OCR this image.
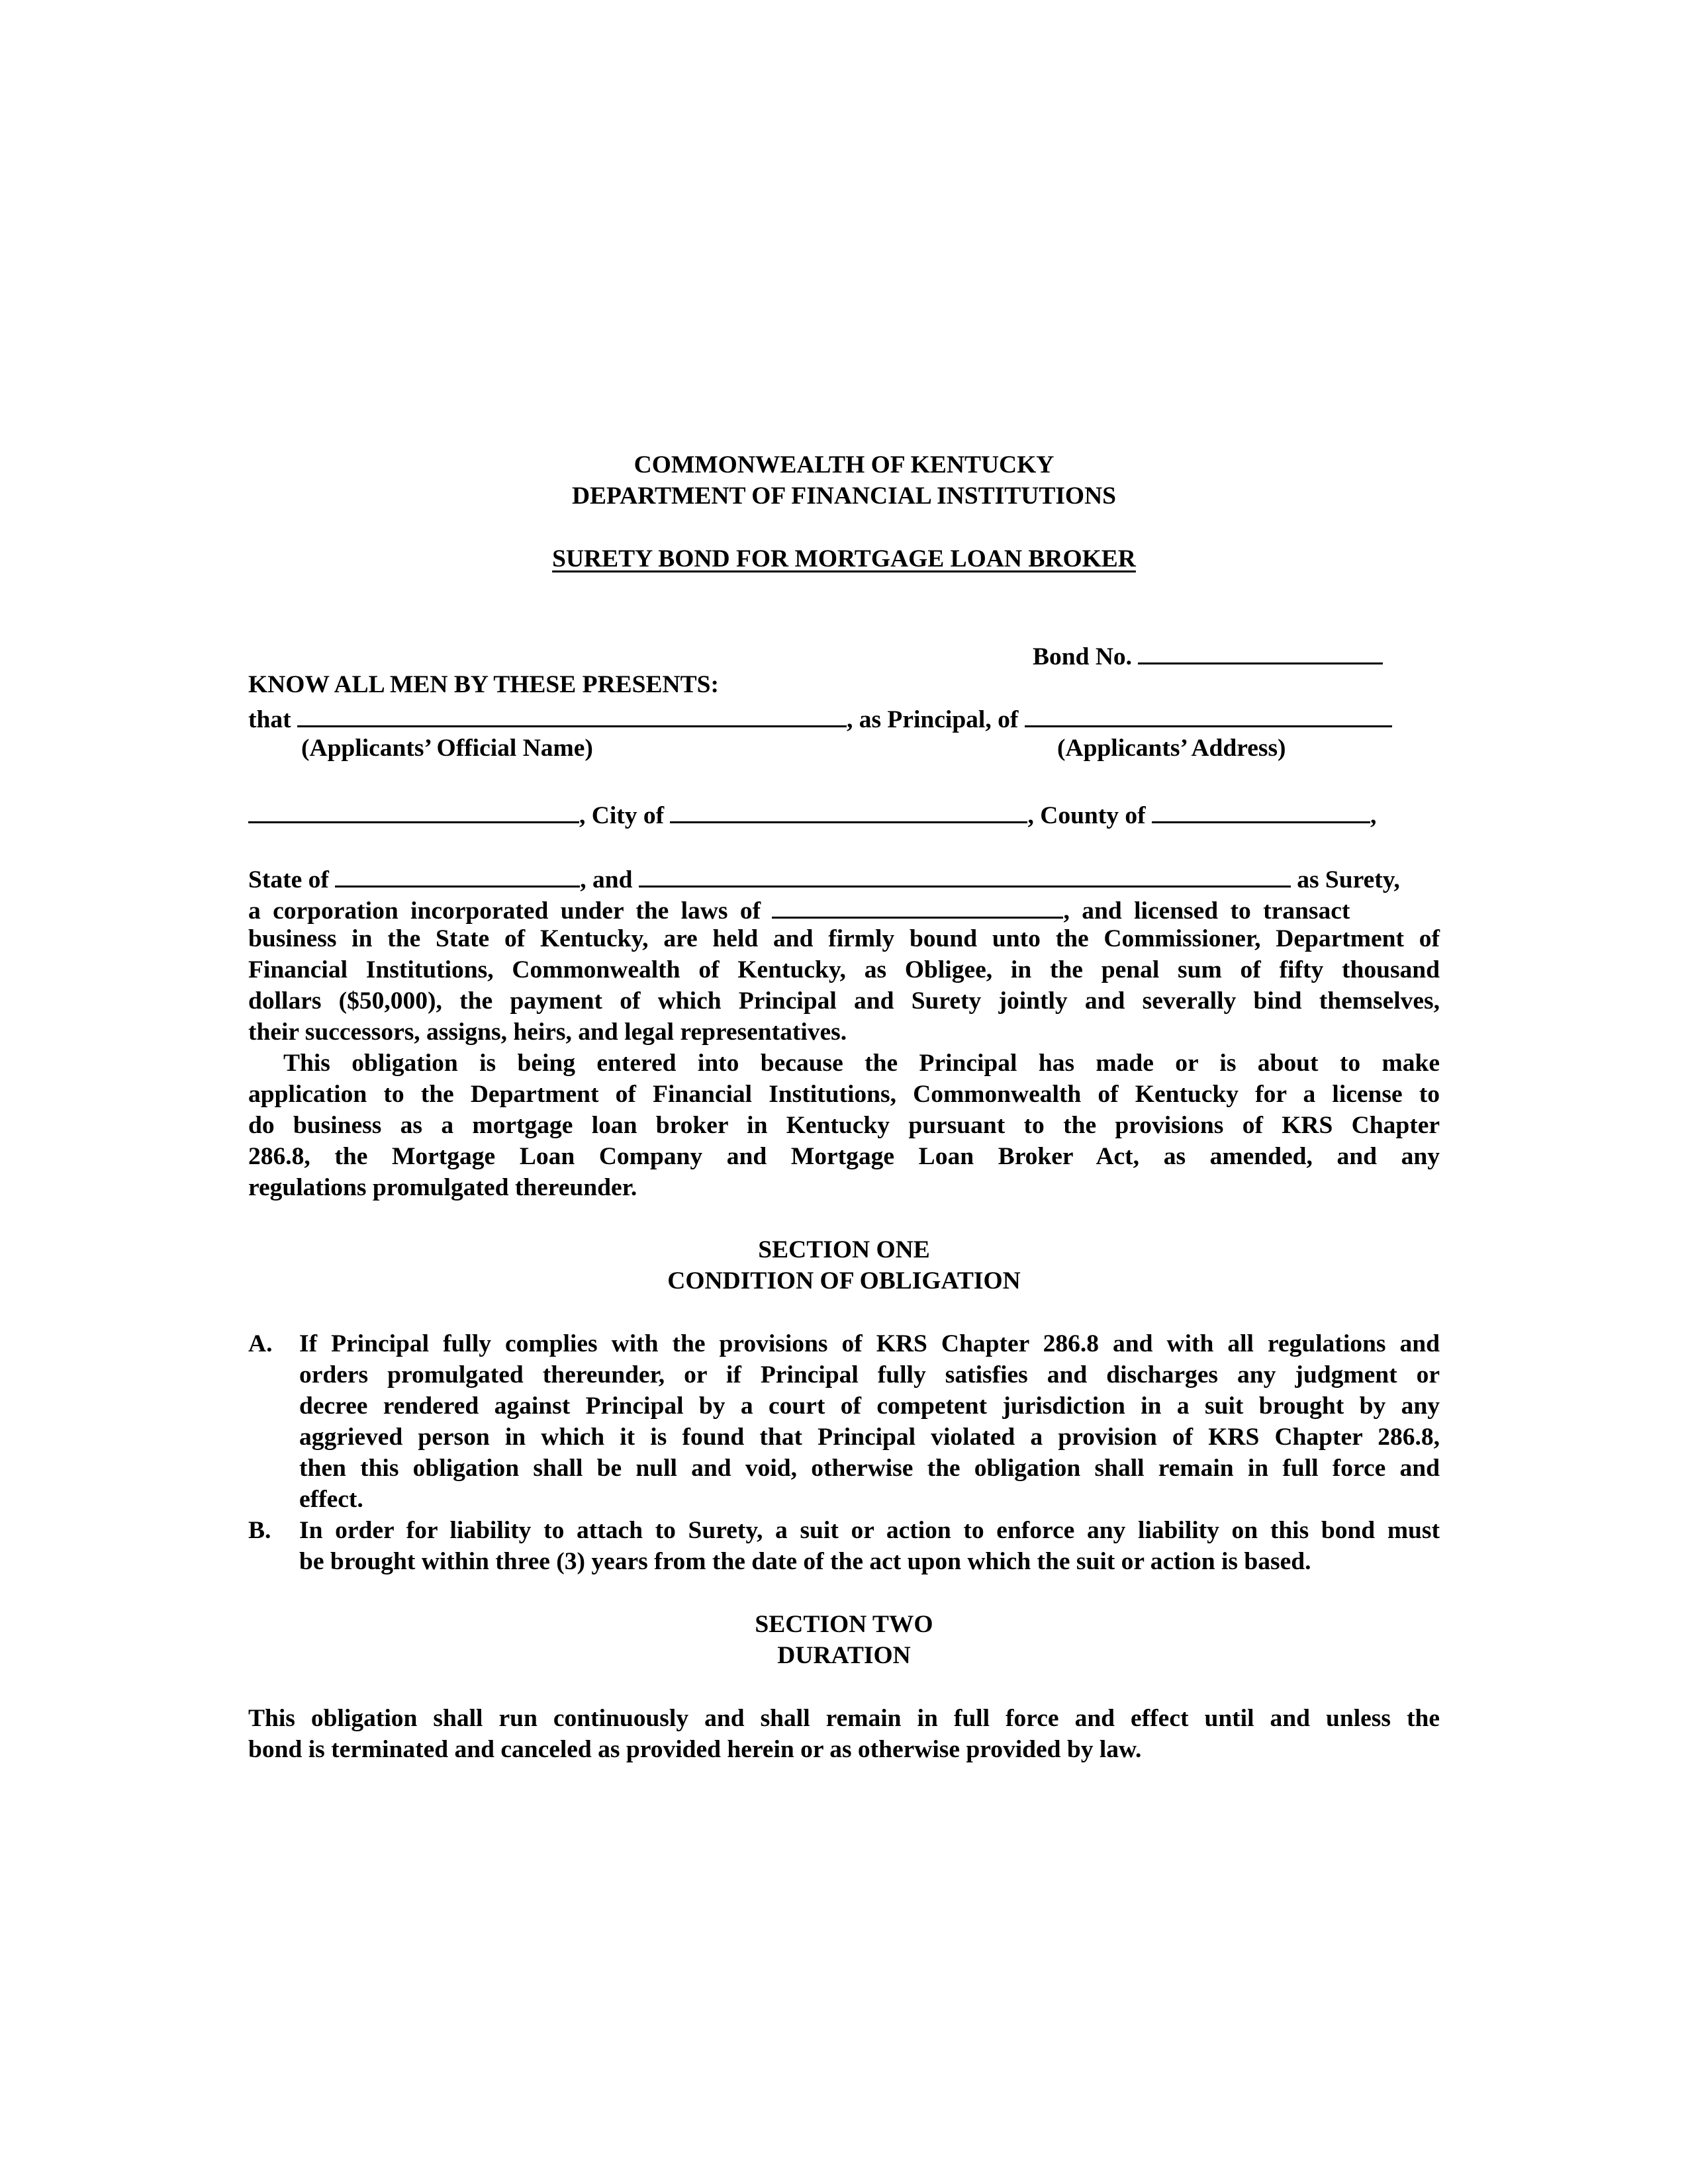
COMMONWEALTH OF KENTUCKY
DEPARTMENT OF FINANCIAL INSTITUTIONS
SURETY BOND FOR MORTGAGE LOAN BROKER
Bond No.
KNOW ALL MEN BY THESE PRESENTS:
that	, as Principal, of
(Applicants’ Official Name)	(Applicants’ Address)
, City of	, County of	,
State of	, and	as Surety,
a corporation incorporated under the laws of	, and licensed to transact
business in the State of Kentucky, are held and firmly bound unto the Commissioner, Department of
Financial Institutions, Commonwealth of Kentucky, as Obligee, in the penal sum of fifty thousand
dollars ($50,000), the payment of which Principal and Surety jointly and severally bind themselves,
their successors, assigns, heirs, and legal representatives.
This obligation is being entered into because the Principal has made or is about to make
application to the Department of Financial Institutions, Commonwealth of Kentucky for a license to
do business as a mortgage loan broker in Kentucky pursuant to the provisions of KRS Chapter
286.8, the Mortgage Loan Company and Mortgage Loan Broker Act, as amended, and any
regulations promulgated thereunder.
SECTION ONE
CONDITION OF OBLIGATION
A.	If Principal fully complies with the provisions of KRS Chapter 286.8 and with all regulations and
orders promulgated thereunder, or if Principal fully satisfies and discharges any judgment or
decree rendered against Principal by a court of competent jurisdiction in a suit brought by any
aggrieved person in which it is found that Principal violated a provision of KRS Chapter 286.8,
then this obligation shall be null and void, otherwise the obligation shall remain in full force and
effect.
B.	In order for liability to attach to Surety, a suit or action to enforce any liability on this bond must
be brought within three (3) years from the date of the act upon which the suit or action is based.
SECTION TWO
DURATION
This obligation shall run continuously and shall remain in full force and effect until and unless the
bond is terminated and canceled as provided herein or as otherwise provided by law.
